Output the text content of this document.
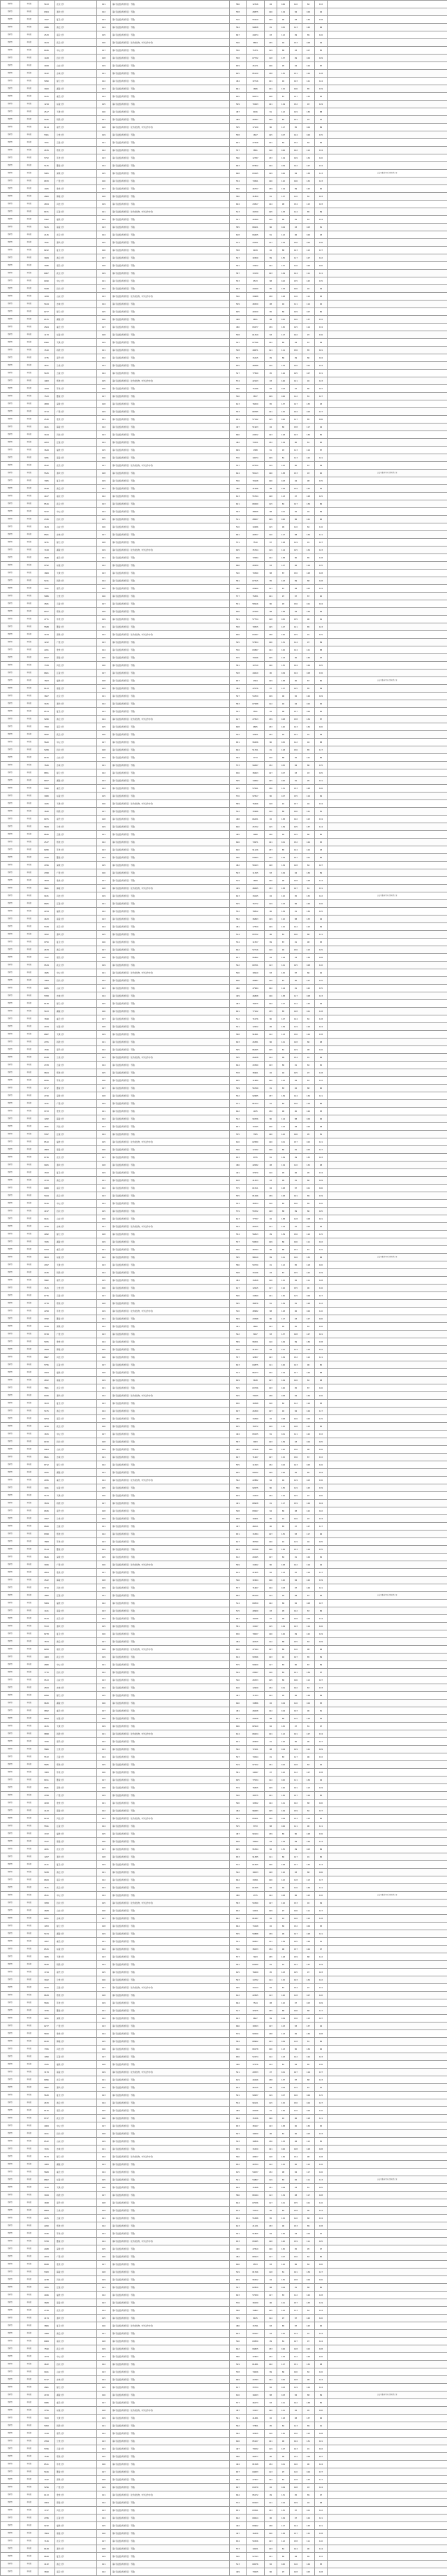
物理类	本科批	5413	北京大学	101	第1专业组(再选科目：不限)	586	12316	94	106	110	84	132	
物理类	本科批	6304	清华大学	102	第1专业组(再选科目：不限)	558	28875	126	119	84	109	94	
物理类	本科批	7047	复旦大学	103	第1专业组(再选科目：不限)	510	55919	109	90	83	136	138	
物理类	本科批	2086	浙江大学	104	第1专业组(再选科目：不限)	564	94658	91	105	113	120	96	
物理类	本科批	2533	南京大学	105	第1专业组(再选科目：不限)	667	44674	93	112	99	89	126	
物理类	本科批	4164	武汉大学	106	第2专业组(再选科目：化学或生物，中外合作办学)	546	8804	135	94	133	108	94	
物理类	本科批	6426	中山大学	107	第1专业组(再选科目：不限)	556	75371	119	88	93	107	85	
物理类	本科批	1428	四川大学	108	第1专业组(再选科目：不限)	558	67732	118	137	99	106	109	
物理类	本科批	4949	山东大学	109	第1专业组(再选科目：不限)	639	45171	106	95	94	124	87	
物理类	本科批	3432	吉林大学	101	第1专业组(再选科目：不限)	625	85120	138	135	131	124	118	
物理类	本科批	5990	厦门大学	102	第1专业组(再选科目：不限)	484	32716	101	92	103	121	124	
物理类	本科批	3400	湖南大学	103	第1专业组(再选科目：不限)	661	1686	101	115	106	85	139	
物理类	本科批	5105	重庆大学	104	第1专业组(再选科目：不限)	645	58574	108	87	127	133	95	
物理类	本科批	1219	东南大学	105	第1专业组(再选科目：不限)	509	70293	121	119	132	93	129	
物理类	本科批	2517	天津大学	106	第1专业组(再选科目：不限)	487	9016	81	112	129	130	88	
物理类	本科批	5445	同济大学	107	第1专业组(再选科目：不限)	489	28397	109	83	101	93	97	
物理类	本科批	8114	南开大学	108	第2专业组(再选科目：化学或生物，中外合作办学)	505	17129	80	117	85	104	86	
物理类	本科批	5301	兰州大学	109	第1专业组(再选科目：不限)	558	1827	125	107	124	100	135	
物理类	本科批	7451	云南大学	101	第1专业组(再选科目：不限)	601	27258	101	84	132	84	84	
物理类	本科批	2676	郑州大学	102	第1专业组(再选科目：不限)	537	3891	116	106	102	112	134	
物理类	本科批	5752	苏州大学	103	第1专业组(再选科目：不限)	560	12787	133	119	109	134	120	
物理类	本科批	5125	暨南大学	104	第1专业组(再选科目：不限)	663	87822	104	109	122	127	134	
物理类	本科批	5905	深圳大学	105	第1专业组(再选科目：不限)	668	63245	129	106	84	138	113	该专业组含中外合作办学专业
物理类	本科批	6870	广西大学	106	第1专业组(再选科目：不限)	554	74561	126	110	106	132	123	
物理类	本科批	1465	贵州大学	107	第1专业组(再选科目：不限)	550	46757	139	119	89	120	90	
物理类	本科批	2800	海南大学	108	第1专业组(再选科目：不限)	580	31859	81	137	110	82	103	
物理类	本科批	2654	河北大学	109	第1专业组(再选科目：不限)	604	23817	124	98	134	115	103	
物理类	本科批	8471	江南大学	101	第2专业组(再选科目：化学或生物，中外合作办学)	513	34729	105	133	114	85	89	
物理类	本科批	5362	福州大学	102	第1专业组(再选科目：不限)	527	40399	110	99	81	83	124	
物理类	本科批	5105	南昌大学	103	第1专业组(再选科目：不限)	585	89221	86	104	93	103	81	
物理类	本科批	2145	北京大学	104	第1专业组(再选科目：不限)	618	84405	81	112	96	100	93	
物理类	本科批	7591	清华大学	105	第1专业组(再选科目：不限)	573	23531	117	133	136	102	136	
物理类	本科批	8222	复旦大学	106	第1专业组(再选科目：不限)	558	9439	92	88	123	115	137	
物理类	本科批	3484	浙江大学	107	第1专业组(再选科目：不限)	547	32450	89	135	117	127	122	
物理类	本科批	3486	南京大学	108	第1专业组(再选科目：不限)	591	13922	122	137	116	100	100	
物理类	本科批	6007	武汉大学	109	第1专业组(再选科目：不限)	587	13139	103	129	124	111	111	
物理类	本科批	6490	中山大学	101	第1专业组(再选科目：不限)	553	9533	88	102	135	125	135	
物理类	本科批	5048	四川大学	102	第1专业组(再选科目：不限)	644	44240	85	133	100	94	94	
物理类	本科批	1458	山东大学	103	第2专业组(再选科目：化学或生物，中外合作办学)	546	34988	138	128	116	112	83	
物理类	本科批	5164	吉林大学	104	第1专业组(再选科目：不限)	509	48320	98	94	111	114	92	
物理类	本科批	6277	厦门大学	105	第1专业组(再选科目：不限)	605	49150	85	80	109	107	80	
物理类	本科批	6575	湖南大学	106	第1专业组(再选科目：不限)	498	9651	98	105	120	137	132	
物理类	本科批	2504	重庆大学	107	第1专业组(再选科目：不限)	480	83477	139	130	125	114	134	
物理类	本科批	1173	东南大学	108	第1专业组(再选科目：不限)	538	61319	83	117	102	97	136	
物理类	本科批	6360	天津大学	109	第1专业组(再选科目：不限)	507	67796	122	80	94	87	99	
物理类	本科批	1510	同济大学	101	第1专业组(再选科目：不限)	528	49671	111	111	136	85	101	
物理类	本科批	1735	南开大学	102	第1专业组(再选科目：不限)	507	15415	99	86	99	86	104	
物理类	本科批	3811	兰州大学	103	第1专业组(再选科目：不限)	635	46088	110	133	120	101	124	
物理类	本科批	5183	云南大学	104	第1专业组(再选科目：不限)	527	77569	95	116	105	107	131	
物理类	本科批	1963	郑州大学	105	第2专业组(再选科目：化学或生物，中外合作办学)	574	42103	93	126	121	92	123	
物理类	本科批	1929	苏州大学	106	第1专业组(再选科目：不限)	566	75196	84	103	97	80	107	
物理类	本科批	7523	暨南大学	107	第1专业组(再选科目：不限)	540	3837	109	106	112	81	127	
物理类	本科批	4858	深圳大学	108	第1专业组(再选科目：不限)	613	76050	85	137	127	135	93	
物理类	本科批	3713	广西大学	109	第1专业组(再选科目：不限)	553	89785	121	132	104	103	127	
物理类	本科批	2530	贵州大学	101	第1专业组(再选科目：不限)	631	57142	115	100	117	85	106	
物理类	本科批	4421	海南大学	102	第1专业组(再选科目：不限)	497	51923	94	80	138	117	94	
物理类	本科批	3164	河北大学	103	第1专业组(再选科目：不限)	660	24522	123	118	103	130	85	
物理类	本科批	2203	江南大学	104	第1专业组(再选科目：不限)	482	74151	132	119	80	81	90	
物理类	本科批	3649	福州大学	105	第1专业组(再选科目：不限)	669	2388	81	93	113	116	87	
物理类	本科批	3281	南昌大学	106	第1专业组(再选科目：不限)	570	10074	109	81	113	122	121	
物理类	本科批	9542	北京大学	107	第2专业组(再选科目：化学或生物，中外合作办学)	537	87530	119	122	80	87	99	
物理类	本科批	5545	清华大学	108	第1专业组(再选科目：不限)	624	58113	126	138	133	93	90	该专业组含中外合作办学专业
物理类	本科批	7065	复旦大学	109	第1专业组(再选科目：不限)	536	79108	100	103	94	98	135	
物理类	本科批	9548	浙江大学	101	第1专业组(再选科目：不限)	480	31946	98	129	139	125	92	
物理类	本科批	4107	南京大学	102	第1专业组(再选科目：不限)	613	55764	128	113	97	128	125	
物理类	本科批	8516	武汉大学	103	第1专业组(再选科目：不限)	621	68290	115	82	127	139	86	
物理类	本科批	5222	中山大学	104	第1专业组(再选科目：不限)	563	38066	88	101	95	94	89	
物理类	本科批	2336	四川大学	105	第1专业组(再选科目：不限)	511	28007	109	100	86	121	90	
物理类	本科批	1634	山东大学	106	第1专业组(再选科目：不限)	510	10286	115	99	110	84	116	
物理类	本科批	8561	吉林大学	107	第1专业组(再选科目：不限)	661	40557	110	117	88	134	111	
物理类	本科批	3231	厦门大学	108	第1专业组(再选科目：不限)	571	7510	87	118	119	91	127	
物理类	本科批	7418	湖南大学	109	第2专业组(再选科目：化学或生物，中外合作办学)	645	35764	119	114	125	134	123	
物理类	本科批	4568	重庆大学	101	第1专业组(再选科目：不限)	646	72084	122	138	80	85	118	
物理类	本科批	9792	东南大学	102	第1专业组(再选科目：不限)	666	26939	83	127	96	119	135	
物理类	本科批	1869	天津大学	103	第1专业组(再选科目：不限)	520	79390	88	87	130	128	128	
物理类	本科批	5241	同济大学	104	第1专业组(再选科目：不限)	581	67315	85	123	89	88	128	
物理类	本科批	7021	南开大学	105	第1专业组(再选科目：不限)	480	20960	117	87	98	105	134	
物理类	本科批	5986	兰州大学	106	第1专业组(再选科目：不限)	577	75831	101	97	87	87	90	
物理类	本科批	4581	云南大学	107	第1专业组(再选科目：不限)	531	58916	80	93	136	101	104	
物理类	本科批	6917	郑州大学	108	第1专业组(再选科目：不限)	646	22240	88	138	84	129	84	
物理类	本科批	4771	苏州大学	109	第1专业组(再选科目：不限)	501	57754	118	105	135	90	91	
物理类	本科批	5588	暨南大学	101	第1专业组(再选科目：不限)	558	79555	125	127	121	85	123	
物理类	本科批	3479	深圳大学	102	第2专业组(再选科目：化学或生物，中外合作办学)	656	63447	138	120	135	91	125	
物理类	本科批	1222	广西大学	103	第1专业组(再选科目：不限)	545	57824	100	131	114	97	89	
物理类	本科批	2261	贵州大学	104	第1专业组(再选科目：不限)	536	63897	122	126	124	121	88	
物理类	本科批	8707	海南大学	105	第1专业组(再选科目：不限)	575	79246	105	113	90	130	97	
物理类	本科批	7339	河北大学	106	第1专业组(再选科目：不限)	581	10710	126	135	104	129	105	
物理类	本科批	6601	江南大学	107	第1专业组(再选科目：不限)	528	44610	90	109	104	108	136	
物理类	本科批	7603	福州大学	108	第1专业组(再选科目：不限)	657	4304	129	138	90	87	80	该专业组含中外合作办学专业
物理类	本科批	8123	南昌大学	109	第1专业组(再选科目：不限)	484	47076	97	137	125	85	99	
物理类	本科批	3607	北京大学	101	第1专业组(再选科目：不限)	597	54359	109	96	82	126	109	
物理类	本科批	3165	清华大学	102	第1专业组(再选科目：不限)	583	67288	112	94	94	102	95	
物理类	本科批	6574	复旦大学	103	第1专业组(再选科目：不限)	507	3591	92	96	137	106	90	
物理类	本科批	5280	浙江大学	104	第2专业组(再选科目：化学或生物，中外合作办学)	617	27813	139	108	138	134	87	
物理类	本科批	7393	南京大学	105	第1专业组(再选科目：不限)	608	6865	133	120	123	134	100	
物理类	本科批	5692	武汉大学	106	第1专业组(再选科目：不限)	522	10921	132	93	101	91	99	
物理类	本科批	5620	中山大学	107	第1专业组(再选科目：不限)	651	95636	80	105	112	94	88	
物理类	本科批	5289	四川大学	108	第1专业组(再选科目：不限)	604	51701	91	118	136	85	117	
物理类	本科批	8476	山东大学	109	第1专业组(再选科目：不限)	594	3733	116	88	95	121	86	
物理类	本科批	7626	吉林大学	101	第1专业组(再选科目：不限)	573	94497	132	105	84	86	135	
物理类	本科批	8851	厦门大学	102	第1专业组(再选科目：不限)	636	38463	127	107	93	93	105	
物理类	本科批	8927	湖南大学	103	第1专业组(再选科目：不限)	595	14692	125	100	81	95	131	
物理类	本科批	5300	重庆大学	104	第1专业组(再选科目：不限)	635	57061	136	131	133	128	126	
物理类	本科批	3080	东南大学	105	第1专业组(再选科目：不限)	576	97817	80	107	135	119	84	
物理类	本科批	1045	天津大学	106	第2专业组(再选科目：化学或生物，中外合作办学)	589	76466	118	91	137	94	134	
物理类	本科批	1640	同济大学	107	第1专业组(再选科目：不限)	522	15996	110	80	100	121	81	
物理类	本科批	8975	南开大学	108	第1专业组(再选科目：不限)	488	66431	92	138	102	123	134	
物理类	本科批	5829	兰州大学	109	第1专业组(再选科目：不限)	640	25722	115	139	105	137	114	
物理类	本科批	8646	云南大学	101	第1专业组(再选科目：不限)	485	3968	136	94	125	86	80	
物理类	本科批	2537	郑州大学	102	第1专业组(再选科目：不限)	626	74971	121	101	132	124	95	
物理类	本科批	8280	苏州大学	103	第1专业组(再选科目：不限)	620	91126	137	85	124	124	93	
物理类	本科批	2320	暨南大学	104	第1专业组(再选科目：不限)	590	53643	112	133	107	101	85	
物理类	本科批	4766	深圳大学	105	第1专业组(再选科目：不限)	482	58103	128	134	128	84	107	
物理类	本科批	2398	广西大学	106	第1专业组(再选科目：不限)	593	11345	83	129	94	136	89	
物理类	本科批	3659	贵州大学	107	第1专业组(再选科目：不限)	519	1689	120	96	128	128	113	
物理类	本科批	9661	海南大学	108	第2专业组(再选科目：化学或生物，中外合作办学)	499	48495	133	138	107	81	131	
物理类	本科批	9181	河北大学	109	第1专业组(再选科目：不限)	623	15045	94	110	95	132	122	该专业组含中外合作办学专业
物理类	本科批	6665	江南大学	101	第1专业组(再选科目：不限)	525	76772	119	123	86	126	126	
物理类	本科批	2224	福州大学	102	第1专业组(再选科目：不限)	552	78812	96	134	91	136	125	
物理类	本科批	4633	南昌大学	103	第1专业组(再选科目：不限)	582	36893	129	110	88	133	94	
物理类	本科批	5339	北京大学	104	第1专业组(再选科目：不限)	481	17559	129	115	122	115	84	
物理类	本科批	3452	清华大学	105	第1专业组(再选科目：不限)	514	83722	96	81	100	88	111	
物理类	本科批	9750	复旦大学	106	第1专业组(再选科目：不限)	534	11557	89	87	91	98	83	
物理类	本科批	2679	浙江大学	107	第1专业组(再选科目：不限)	642	52716	110	92	136	115	125	
物理类	本科批	7347	南京大学	108	第1专业组(再选科目：不限)	637	95892	94	118	93	139	108	
物理类	本科批	9534	武汉大学	109	第1专业组(再选科目：不限)	542	69701	113	121	125	108	110	
物理类	本科批	1685	中山大学	101	第2专业组(再选科目：化学或生物，中外合作办学)	500	18910	83	132	87	86	92	
物理类	本科批	7909	四川大学	102	第1专业组(再选科目：不限)	606	49987	110	87	90	127	135	
物理类	本科批	6985	山东大学	103	第1专业组(再选科目：不限)	480	47994	102	114	91	122	135	
物理类	本科批	5358	吉林大学	104	第1专业组(再选科目：不限)	499	46808	126	138	117	108	123	
物理类	本科批	8138	厦门大学	105	第1专业组(再选科目：不限)	483	76675	104	127	112	133	94	
物理类	本科批	5103	湖南大学	106	第1专业组(再选科目：不限)	601	77102	135	85	128	101	118	
物理类	本科批	7698	重庆大学	107	第1专业组(再选科目：不限)	512	71076	80	127	124	82	118	
物理类	本科批	2034	东南大学	108	第1专业组(再选科目：不限)	521	12622	96	139	119	116	124	
物理类	本科批	6887	天津大学	109	第1专业组(再选科目：不限)	588	91691	112	113	136	124	138	
物理类	本科批	2705	同济大学	101	第1专业组(再选科目：不限)	603	26381	86	121	128	86	98	
物理类	本科批	1596	南开大学	102	第1专业组(再选科目：不限)	595	86495	105	81	129	98	126	
物理类	本科批	6338	兰州大学	103	第2专业组(再选科目：化学或生物，中外合作办学)	505	26428	114	99	134	91	96	
物理类	本科批	2378	云南大学	104	第1专业组(再选科目：不限)	644	43390	103	80	91	82	82	
物理类	本科批	9824	郑州大学	105	第1专业组(再选科目：不限)	578	36961	92	94	105	97	118	
物理类	本科批	6456	苏州大学	106	第1专业组(再选科目：不限)	605	11980	100	122	84	83	132	
物理类	本科批	9717	暨南大学	107	第1专业组(再选科目：不限)	509	56769	91	83	92	88	90	
物理类	本科批	2720	深圳大学	108	第1专业组(再选科目：不限)	532	92685	137	139	124	134	121	
物理类	本科批	1241	广西大学	109	第1专业组(再选科目：不限)	571	81014	91	84	126	119	86	
物理类	本科批	9723	贵州大学	101	第1专业组(再选科目：不限)	642	1185	130	90	90	126	83	
物理类	本科批	1282	海南大学	102	第1专业组(再选科目：不限)	522	90336	80	114	88	109	96	
物理类	本科批	2691	河北大学	103	第1专业组(再选科目：不限)	657	70195	106	123	98	100	98	
物理类	本科批	5397	江南大学	104	第1专业组(再选科目：不限)	535	7305	120	122	106	95	81	
物理类	本科批	8510	福州大学	105	第2专业组(再选科目：化学或生物，中外合作办学)	610	62580	120	101	137	102	121	
物理类	本科批	4809	南昌大学	106	第1专业组(再选科目：不限)	546	12192	106	80	81	105	127	
物理类	本科批	8736	北京大学	107	第1专业组(再选科目：不限)	633	9795	81	139	99	135	103	
物理类	本科批	9405	清华大学	108	第1专业组(再选科目：不限)	480	42082	98	119	110	132	98	
物理类	本科批	1593	复旦大学	109	第1专业组(再选科目：不限)	491	37670	110	95	96	95	134	
物理类	本科批	4743	浙江大学	101	第1专业组(再选科目：不限)	618	41323	93	99	91	86	109	
物理类	本科批	6968	南京大学	102	第1专业组(再选科目：不限)	575	61511	94	128	87	101	106	
物理类	本科批	5044	武汉大学	103	第1专业组(再选科目：不限)	555	81296	139	128	101	89	139	
物理类	本科批	5416	中山大学	104	第1专业组(再选科目：不限)	553	36554	116	85	100	89	120	
物理类	本科批	4197	四川大学	105	第1专业组(再选科目：不限)	579	55532	128	88	89	86	105	
物理类	本科批	9161	山东大学	106	第1专业组(再选科目：不限)	613	77737	92	138	118	108	101	
物理类	本科批	4756	吉林大学	107	第2专业组(再选科目：化学或生物，中外合作办学)	503	28155	111	114	87	102	95	
物理类	本科批	4092	厦门大学	108	第1专业组(再选科目：不限)	554	56813	99	139	136	110	115	
物理类	本科批	7945	湖南大学	109	第1专业组(再选科目：不限)	537	59659	109	86	106	111	102	
物理类	本科批	5763	重庆大学	101	第1专业组(再选科目：不限)	530	48794	96	88	132	87	115	
物理类	本科批	9653	东南大学	102	第1专业组(再选科目：不限)	565	98019	89	121	126	132	96	该专业组含中外合作办学专业
物理类	本科批	4397	天津大学	103	第1专业组(再选科目：不限)	580	59730	91	112	85	118	100	
物理类	本科批	2436	同济大学	104	第1专业组(再选科目：不限)	508	33136	93	87	135	122	139	
物理类	本科批	5882	南开大学	105	第1专业组(再选科目：不限)	484	15818	116	115	82	111	128	
物理类	本科批	1515	兰州大学	106	第1专业组(再选科目：不限)	617	12615	117	116	135	90	116	
物理类	本科批	6776	云南大学	107	第1专业组(再选科目：不限)	500	13849	121	130	115	109	127	
物理类	本科批	4778	郑州大学	108	第1专业组(再选科目：不限)	565	38876	81	139	81	128	112	
物理类	本科批	2299	苏州大学	109	第2专业组(再选科目：化学或生物，中外合作办学)	520	48982	88	118	96	106	110	
物理类	本科批	3782	暨南大学	101	第1专业组(再选科目：不限)	569	23598	80	117	93	127	100	
物理类	本科批	9339	深圳大学	102	第1专业组(再选科目：不限)	491	3860	123	95	85	83	126	
物理类	本科批	9749	广西大学	103	第1专业组(再选科目：不限)	542	5497	83	137	108	127	101	
物理类	本科批	5455	贵州大学	104	第1专业组(再选科目：不限)	589	95051	110	129	89	136	138	
物理类	本科批	4569	海南大学	105	第1专业组(再选科目：不限)	516	41437	84	121	114	116	132	
物理类	本科批	8867	河北大学	106	第1专业组(再选科目：不限)	557	12827	123	134	132	112	111	
物理类	本科批	5795	江南大学	107	第1专业组(再选科目：不限)	623	64875	111	126	123	96	80	
物理类	本科批	2464	福州大学	108	第1专业组(再选科目：不限)	513	86273	102	119	127	126	88	
物理类	本科批	2652	南昌大学	109	第1专业组(再选科目：不限)	629	5638	107	129	126	82	98	
物理类	本科批	7801	北京大学	101	第1专业组(再选科目：不限)	545	63736	103	126	95	87	126	
物理类	本科批	6026	清华大学	102	第2专业组(再选科目：化学或生物，中外合作办学)	545	73035	138	108	84	134	136	
物理类	本科批	3103	复旦大学	103	第1专业组(再选科目：不限)	630	16598	116	82	112	116	83	
物理类	本科批	5475	浙江大学	104	第1专业组(再选科目：不限)	607	26300	107	92	84	129	117	
物理类	本科批	9254	南京大学	105	第1专业组(再选科目：不限)	485	34390	92	108	126	100	115	
物理类	本科批	4220	武汉大学	106	第1专业组(再选科目：不限)	625	78372	109	132	108	115	85	
物理类	本科批	1815	中山大学	107	第1专业组(再选科目：不限)	494	83235	81	101	111	122	132	
物理类	本科批	6150	四川大学	108	第1专业组(再选科目：不限)	587	3003	103	139	93	104	105	
物理类	本科批	9004	山东大学	109	第1专业组(再选科目：不限)	485	27628	106	120	136	98	126	
物理类	本科批	8821	吉林大学	101	第1专业组(再选科目：不限)	647	71207	107	115	136	87	132	
物理类	本科批	8712	厦门大学	102	第1专业组(再选科目：不限)	535	11543	132	102	123	105	126	
物理类	本科批	2455	湖南大学	103	第1专业组(再选科目：不限)	655	93032	128	126	95	85	104	
物理类	本科批	2495	重庆大学	104	第2专业组(再选科目：化学或生物，中外合作办学)	562	22882	84	94	119	103	136	
物理类	本科批	1941	东南大学	105	第1专业组(再选科目：不限)	580	92675	80	135	119	125	139	
物理类	本科批	5573	天津大学	106	第1专业组(再选科目：不限)	629	13250	134	110	125	97	100	
物理类	本科批	3834	同济大学	107	第1专业组(再选科目：不限)	491	68928	91	117	139	129	104	
物理类	本科批	6836	南开大学	108	第1专业组(再选科目：不限)	598	83067	84	80	98	122	102	
物理类	本科批	3357	兰州大学	109	第1专业组(再选科目：不限)	658	16951	85	91	126	93	133	
物理类	本科批	6840	云南大学	101	第1专业组(再选科目：不限)	497	46011	90	85	97	127	117	
物理类	本科批	8398	郑州大学	102	第1专业组(再选科目：不限)	651	15384	107	135	83	117	96	
物理类	本科批	7808	苏州大学	103	第1专业组(再选科目：不限)	617	38799	120	91	119	94	105	
物理类	本科批	5514	暨南大学	104	第1专业组(再选科目：不限)	643	84798	100	136	133	116	135	
物理类	本科批	9626	深圳大学	105	第1专业组(再选科目：不限)	612	20295	107	82	91	129	82	
物理类	本科批	3926	广西大学	106	第2专业组(再选科目：化学或生物，中外合作办学)	569	13462	80	128	122	119	94	
物理类	本科批	2854	贵州大学	107	第1专业组(再选科目：不限)	614	21955	82	113	87	116	117	
物理类	本科批	4522	海南大学	108	第1专业组(再选科目：不限)	546	32464	106	120	84	120	139	
物理类	本科批	3710	河北大学	109	第1专业组(再选科目：不限)	577	71607	104	103	97	129	121	
物理类	本科批	1860	江南大学	101	第1专业组(再选科目：不限)	662	86149	114	94	98	87	83	该专业组含中外合作办学专业
物理类	本科批	5084	福州大学	102	第1专业组(再选科目：不限)	514	84559	122	89	82	108	107	
物理类	本科批	1161	南昌大学	103	第1专业组(再选科目：不限)	515	49900	93	95	122	83	86	
物理类	本科批	5533	北京大学	104	第1专业组(再选科目：不限)	661	16046	97	99	128	109	114	
物理类	本科批	5313	清华大学	105	第1专业组(再选科目：不限)	581	13247	115	129	103	114	126	
物理类	本科批	8278	复旦大学	106	第1专业组(再选科目：不限)	636	79007	126	126	99	122	129	
物理类	本科批	7873	浙江大学	107	第1专业组(再选科目：不限)	484	40315	112	88	135	83	109	
物理类	本科批	8208	南京大学	108	第2专业组(再选科目：化学或生物，中外合作办学)	620	47194	107	80	110	98	96	
物理类	本科批	1063	武汉大学	109	第1专业组(再选科目：不限)	624	93596	103	94	107	85	89	
物理类	本科批	2880	中山大学	101	第1专业组(再选科目：不限)	575	93620	117	83	80	87	89	
物理类	本科批	7770	四川大学	102	第1专业组(再选科目：不限)	504	23067	116	82	121	139	97	
物理类	本科批	9513	山东大学	103	第1专业组(再选科目：不限)	540	28333	105	80	106	112	107	
物理类	本科批	2553	吉林大学	104	第1专业组(再选科目：不限)	616	12629	134	101	102	83	133	
物理类	本科批	6999	厦门大学	105	第1专业组(再选科目：不限)	487	71533	103	95	96	138	89	
物理类	本科批	9630	湖南大学	106	第1专业组(再选科目：不限)	640	13886	92	104	116	104	83	
物理类	本科批	9892	重庆大学	107	第1专业组(再选科目：不限)	481	26008	122	104	103	90	81	
物理类	本科批	8894	东南大学	108	第1专业组(再选科目：不限)	631	29258	88	80	115	116	92	
物理类	本科批	4415	天津大学	109	第1专业组(再选科目：不限)	606	82919	82	125	97	81	97	
物理类	本科批	9898	同济大学	101	第2专业组(再选科目：化学或生物，中外合作办学)	614	68424	101	112	101	127	134	
物理类	本科批	7456	南开大学	102	第1专业组(再选科目：不限)	621	26909	91	116	80	90	127	
物理类	本科批	5866	兰州大学	103	第1专业组(再选科目：不限)	502	72101	98	104	129	121	109	
物理类	本科批	5572	云南大学	104	第1专业组(再选科目：不限)	507	74544	91	83	117	96	132	
物理类	本科批	5685	郑州大学	105	第1专业组(再选科目：不限)	519	97152	131	102	128	83	92	
物理类	本科批	7983	苏州大学	106	第1专业组(再选科目：不限)	581	14097	97	122	112	127	138	
物理类	本科批	8911	暨南大学	107	第1专业组(再选科目：不限)	605	77034	112	100	111	136	94	
物理类	本科批	6581	深圳大学	108	第1专业组(再选科目：不限)	579	76655	109	120	101	113	129	
物理类	本科批	4768	广西大学	109	第1专业组(再选科目：不限)	526	39575	101	136	127	116	85	
物理类	本科批	4918	贵州大学	101	第1专业组(再选科目：不限)	590	10562	124	121	102	88	100	
物理类	本科批	4143	海南大学	102	第1专业组(再选科目：不限)	484	96083	105	129	139	82	137	
物理类	本科批	8219	河北大学	103	第2专业组(再选科目：化学或生物，中外合作办学)	591	83201	130	109	133	110	90	
物理类	本科批	5591	江南大学	104	第1专业组(再选科目：不限)	525	5793	88	106	111	90	111	
物理类	本科批	1372	福州大学	105	第1专业组(再选科目：不限)	487	90104	139	89	80	128	136	
物理类	本科批	3337	南昌大学	106	第1专业组(再选科目：不限)	648	79642	83	119	89	129	113	
物理类	本科批	4931	北京大学	107	第1专业组(再选科目：不限)	665	95394	82	135	99	103	86	
物理类	本科批	1267	清华大学	108	第1专业组(再选科目：不限)	653	91385	111	80	127	91	86	
物理类	本科批	2121	复旦大学	109	第1专业组(再选科目：不限)	572	61565	100	128	137	132	113	
物理类	本科批	5938	浙江大学	101	第1专业组(再选科目：不限)	502	18033	128	110	83	88	106	
物理类	本科批	6829	南京大学	102	第1专业组(再选科目：不限)	664	34591	100	122	118	113	127	
物理类	本科批	7571	武汉大学	103	第1专业组(再选科目：不限)	616	61635	82	94	116	139	111	
物理类	本科批	2611	中山大学	104	第1专业组(再选科目：不限)	480	2375	124	108	86	123	130	该专业组含中外合作办学专业
物理类	本科批	3058	四川大学	105	第2专业组(再选科目：化学或生物，中外合作办学)	583	50390	127	116	133	92	99	
物理类	本科批	4689	山东大学	106	第1专业组(再选科目：不限)	652	14521	109	97	106	111	127	
物理类	本科批	6951	吉林大学	107	第1专业组(再选科目：不限)	662	81087	92	91	126	110	118	
物理类	本科批	1953	厦门大学	108	第1专业组(再选科目：不限)	664	73448	92	80	132	109	83	
物理类	本科批	5474	湖南大学	109	第1专业组(再选科目：不限)	555	50888	139	99	127	128	121	
物理类	本科批	3957	重庆大学	101	第1专业组(再选科目：不限)	541	90837	111	139	105	128	91	
物理类	本科批	6515	东南大学	102	第1专业组(再选科目：不限)	590	38433	134	96	137	124	97	
物理类	本科批	3925	天津大学	103	第1专业组(再选科目：不限)	577	7403	135	118	139	88	112	
物理类	本科批	5630	同济大学	104	第1专业组(再选科目：不限)	561	64290	81	91	101	137	129	
物理类	本科批	1744	南开大学	105	第1专业组(再选科目：不限)	615	76009	95	123	105	97	103	
物理类	本科批	3042	兰州大学	106	第1专业组(再选科目：不限)	593	14732	114	115	103	134	122	
物理类	本科批	5970	云南大学	107	第2专业组(再选科目：化学或生物，中外合作办学)	595	34114	82	87	134	97	131	
物理类	本科批	8639	郑州大学	108	第1专业组(再选科目：不限)	612	22845	113	120	118	107	120	
物理类	本科批	5826	苏州大学	109	第1专业组(再选科目：不限)	664	7544	98	110	97	103	109	
物理类	本科批	7976	暨南大学	101	第1专业组(再选科目：不限)	517	32975	135	88	106	88	117	
物理类	本科批	3201	深圳大学	102	第1专业组(再选科目：不限)	643	9607	89	109	136	115	107	
物理类	本科批	6277	广西大学	103	第1专业组(再选科目：不限)	666	18503	107	123	83	137	94	
物理类	本科批	5650	贵州大学	104	第1专业组(再选科目：不限)	579	93539	138	113	95	130	108	
物理类	本科批	6430	海南大学	105	第1专业组(再选科目：不限)	584	68962	103	109	118	81	86	
物理类	本科批	7395	河北大学	106	第1专业组(再选科目：不限)	660	80278	100	113	80	136	96	
物理类	本科批	1990	江南大学	107	第1专业组(再选科目：不限)	656	52474	112	123	122	124	123	
物理类	本科批	3325	福州大学	108	第1专业组(再选科目：不限)	496	37576	114	81	84	85	136	
物理类	本科批	3179	南昌大学	109	第2专业组(再选科目：化学或生物，中外合作办学)	521	29533	97	101	107	119	137	
物理类	本科批	8996	北京大学	101	第1专业组(再选科目：不限)	619	40446	138	137	87	88	123	
物理类	本科批	5887	清华大学	102	第1专业组(再选科目：不限)	633	46115	84	103	115	87	97	
物理类	本科批	5630	复旦大学	103	第1专业组(再选科目：不限)	501	94937	119	107	126	106	115	
物理类	本科批	2670	浙江大学	104	第1专业组(再选科目：不限)	534	90121	115	115	130	104	127	
物理类	本科批	8116	南京大学	105	第1专业组(再选科目：不限)	489	29248	91	136	110	106	110	
物理类	本科批	8747	武汉大学	106	第1专业组(再选科目：不限)	664	15156	126	91	96	118	111	
物理类	本科批	4009	中山大学	107	第1专业组(再选科目：不限)	653	38167	123	138	90	130	95	
物理类	本科批	4011	四川大学	108	第1专业组(再选科目：不限)	507	19639	96	81	90	103	133	
物理类	本科批	6532	山东大学	109	第1专业组(再选科目：不限)	503	18856	136	133	98	115	85	
物理类	本科批	7015	吉林大学	101	第1专业组(再选科目：不限)	659	15250	121	106	108	128	108	
物理类	本科批	5573	厦门大学	102	第2专业组(再选科目：化学或生物，中外合作办学)	560	49957	118	136	134	98	128	
物理类	本科批	1983	湖南大学	103	第1专业组(再选科目：不限)	652	40704	112	132	90	115	116	
物理类	本科批	5689	重庆大学	104	第1专业组(再选科目：不限)	615	54037	132	98	84	117	126	
物理类	本科批	6802	东南大学	105	第1专业组(再选科目：不限)	521	54867	119	83	82	111	113	该专业组含中外合作办学专业
物理类	本科批	7100	天津大学	106	第1专业组(再选科目：不限)	604	15368	131	109	93	81	105	
物理类	本科批	3029	同济大学	107	第1专业组(再选科目：不限)	586	89194	113	134	98	117	108	
物理类	本科批	1698	南开大学	108	第1专业组(再选科目：不限)	644	67036	117	121	135	101	110	
物理类	本科批	6884	兰州大学	109	第1专业组(再选科目：不限)	613	73512	95	84	128	90	133	
物理类	本科批	2035	云南大学	101	第1专业组(再选科目：不限)	634	55388	85	115	110	88	134	
物理类	本科批	2260	郑州大学	102	第1专业组(再选科目：不限)	613	21131	133	90	133	89	138	
物理类	本科批	4336	苏州大学	103	第1专业组(再选科目：不限)	551	51805	84	136	93	104	97	
物理类	本科批	5708	暨南大学	104	第2专业组(再选科目：化学或生物，中外合作办学)	633	83285	128	120	139	111	105	
物理类	本科批	2488	深圳大学	105	第1专业组(再选科目：不限)	490	47819	126	130	95	95	97	
物理类	本科批	2454	广西大学	106	第1专业组(再选科目：不限)	482	80913	117	107	130	83	80	
物理类	本科批	8048	贵州大学	107	第1专业组(再选科目：不限)	646	9553	83	110	86	84	100	
物理类	本科批	5383	海南大学	108	第1专业组(再选科目：不限)	529	81766	118	81	101	139	127	
物理类	本科批	4238	河北大学	109	第1专业组(再选科目：不限)	659	95502	94	135	138	106	100	
物理类	本科批	3055	江南大学	101	第1专业组(再选科目：不限)	547	62859	88	104	91	88	80	
物理类	本科批	4946	福州大学	102	第1专业组(再选科目：不限)	603	57639	127	83	112	120	128	
物理类	本科批	3689	南昌大学	103	第1专业组(再选科目：不限)	576	30239	96	121	137	133	119	
物理类	本科批	2728	北京大学	104	第1专业组(再选科目：不限)	588	79867	105	122	113	84	124	
物理类	本科批	4174	清华大学	105	第1专业组(再选科目：不限)	585	8105	114	97	87	120	120	
物理类	本科批	3806	复旦大学	106	第2专业组(再选科目：化学或生物，中外合作办学)	486	15791	83	85	87	125	95	
物理类	本科批	1068	浙江大学	107	第1专业组(再选科目：不限)	643	93247	93	125	114	91	133	
物理类	本科批	6069	南京大学	108	第1专业组(再选科目：不限)	540	63830	99	81	107	97	124	
物理类	本科批	7590	武汉大学	109	第1专业组(再选科目：不限)	642	84825	133	106	128	102	108	
物理类	本科批	1074	中山大学	101	第1专业组(再选科目：不限)	586	37663	132	133	112	129	126	
物理类	本科批	4632	四川大学	102	第1专业组(再选科目：不限)	529	61481	102	117	131	132	98	
物理类	本科批	9041	山东大学	103	第1专业组(再选科目：不限)	538	74006	89	86	100	82	120	
物理类	本科批	5747	吉林大学	104	第1专业组(再选科目：不限)	669	43783	122	105	128	98	123	
物理类	本科批	2861	厦门大学	105	第1专业组(再选科目：不限)	617	33724	82	103	119	124	124	
物理类	本科批	2159	湖南大学	106	第1专业组(再选科目：不限)	616	16003	88	103	84	88	89	该专业组含中外合作办学专业
物理类	本科批	9086	重庆大学	107	第1专业组(再选科目：不限)	577	46273	83	121	122	138	85	
物理类	本科批	3756	东南大学	108	第2专业组(再选科目：化学或生物，中外合作办学)	487	13227	120	121	92	95	100	
物理类	本科批	7943	天津大学	109	第1专业组(再选科目：不限)	561	41481	92	118	98	137	96	
物理类	本科批	5093	同济大学	101	第1专业组(再选科目：不限)	562	77801	95	82	113	89	91	
物理类	本科批	1318	南开大学	102	第1专业组(再选科目：不限)	582	32655	116	130	130	123	108	
物理类	本科批	2394	兰州大学	103	第1专业组(再选科目：不限)	626	85107	121	90	104	131	101	
物理类	本科批	5766	云南大学	104	第1专业组(再选科目：不限)	497	73032	119	127	123	91	102	
物理类	本科批	7546	郑州大学	105	第1专业组(再选科目：不限)	586	26677	90	90	132	109	107	
物理类	本科批	6511	苏州大学	106	第1专业组(再选科目：不限)	494	81548	134	101	120	90	124	
物理类	本科批	5106	暨南大学	107	第1专业组(再选科目：不限)	637	64633	113	97	110	104	137	
物理类	本科批	7442	深圳大学	108	第1专业组(再选科目：不限)	562	27957	122	81	118	133	117	
物理类	本科批	5296	广西大学	109	第1专业组(再选科目：不限)	607	63470	92	109	108	93	124	
物理类	本科批	6113	贵州大学	101	第2专业组(再选科目：化学或生物，中外合作办学)	664	85272	99	131	95	89	97	
物理类	本科批	4004	海南大学	102	第1专业组(再选科目：不限)	572	69163	111	124	109	94	98	
物理类	本科批	1747	河北大学	103	第1专业组(再选科目：不限)	651	63541	133	135	87	101	122	
物理类	本科批	2786	江南大学	104	第1专业组(再选科目：不限)	642	69614	96	129	97	124	121	
物理类	本科批	9232	福州大学	105	第1专业组(再选科目：不限)	492	84962	138	117	124	133	131	
物理类	本科批	7864	南昌大学	106	第1专业组(再选科目：不限)	497	16426	100	138	137	132	138	
物理类	本科批	7126	北京大学	107	第1专业组(再选科目：不限)	634	50326	123	112	138	111	110	
物理类	本科批	8128	清华大学	108	第1专业组(再选科目：不限)	573	10021	103	81	124	90	114	
物理类	本科批	8648	复旦大学	109	第1专业组(再选科目：不限)	590	52793	131	80	98	89	132	
物理类	本科批	4132	浙江大学	101	第1专业组(再选科目：不限)	513	60076	82	100	116	129	83	
物理类	本科批	3690	南京大学	102	第1专业组(再选科目：不限)	499	73005	86	97	128	105	128	
